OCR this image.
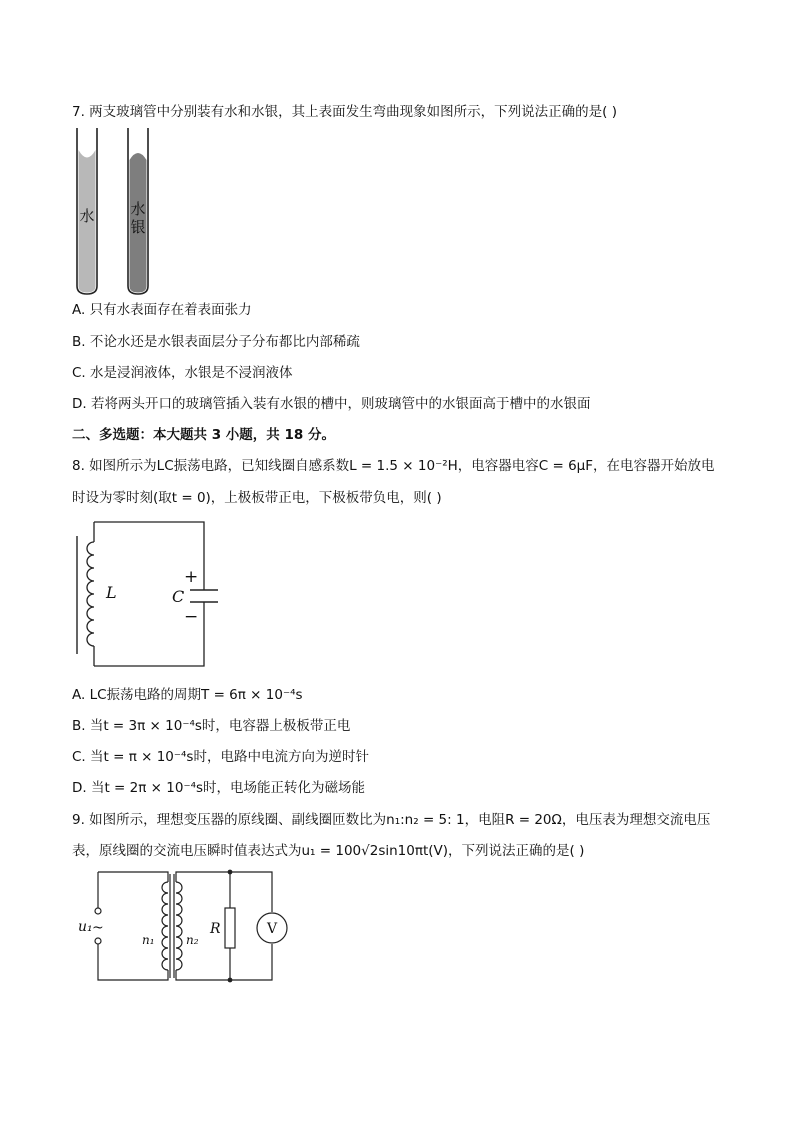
7. 两支玻璃管中分别装有水和水银，其上表面发生弯曲现象如图所示，下列说法正确的是( )
水 水
银
A. 只有水表面存在着表面张力
B. 不论水还是水银表面层分子分布都比内部稀疏
C. 水是浸润液体，水银是不浸润液体
D. 若将两头开口的玻璃管插入装有水银的槽中，则玻璃管中的水银面高于槽中的水银面
二、多选题：本大题共 3 小题，共 18 分。
8. 如图所示为LC振荡电路，已知线圈自感系数L = 1.5 × 10⁻²H，电容器电容C = 6μF，在电容器开始放电
时设为零时刻(取t = 0)，上极板带正电，下极板带负电，则( )
L	C
+
−
A. LC振荡电路的周期T = 6π × 10⁻⁴s
B. 当t = 3π × 10⁻⁴s时，电容器上极板带正电
C. 当t = π × 10⁻⁴s时，电路中电流方向为逆时针
D. 当t = 2π × 10⁻⁴s时，电场能正转化为磁场能
9. 如图所示，理想变压器的原线圈、副线圈匝数比为n₁:n₂ = 5: 1，电阻R = 20Ω，电压表为理想交流电压
表，原线圈的交流电压瞬时值表达式为u₁ = 100√2sin10πt(V)，下列说法正确的是( )
u₁ ~
n₁	n₂
R	V
